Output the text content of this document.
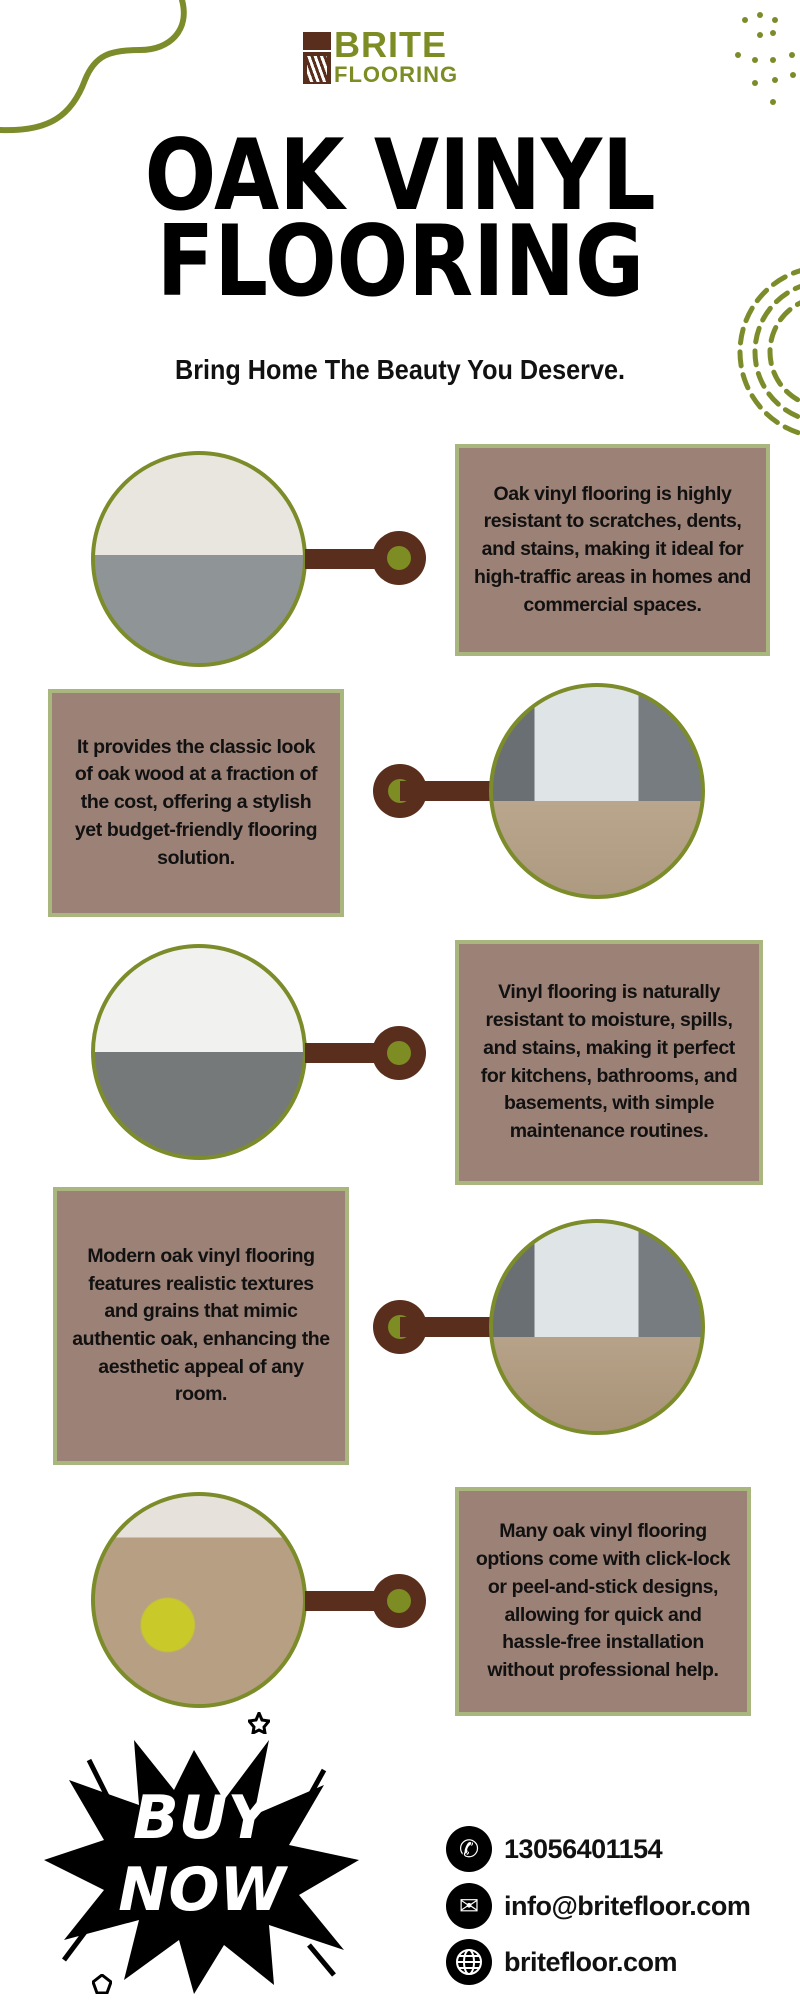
BRITE
FLOORING
OAK VINYL
FLOORING
Bring Home The Beauty You Deserve.

Oak vinyl flooring is highly resistant to scratches, dents, and stains, making it ideal for high-traffic areas in homes and commercial spaces.

It provides the classic look of oak wood at a fraction of the cost, offering a stylish yet budget-friendly flooring solution.

Vinyl flooring is naturally resistant to moisture, spills, and stains, making it perfect for kitchens, bathrooms, and basements, with simple maintenance routines.

Modern oak vinyl flooring features realistic textures and grains that mimic authentic oak, enhancing the aesthetic appeal of any room.

Many oak vinyl flooring options come with click-lock or peel-and-stick designs, allowing for quick and hassle-free installation without professional help.

BUY
NOW
✆ 13056401154
✉ info@britefloor.com
britefloor.com
